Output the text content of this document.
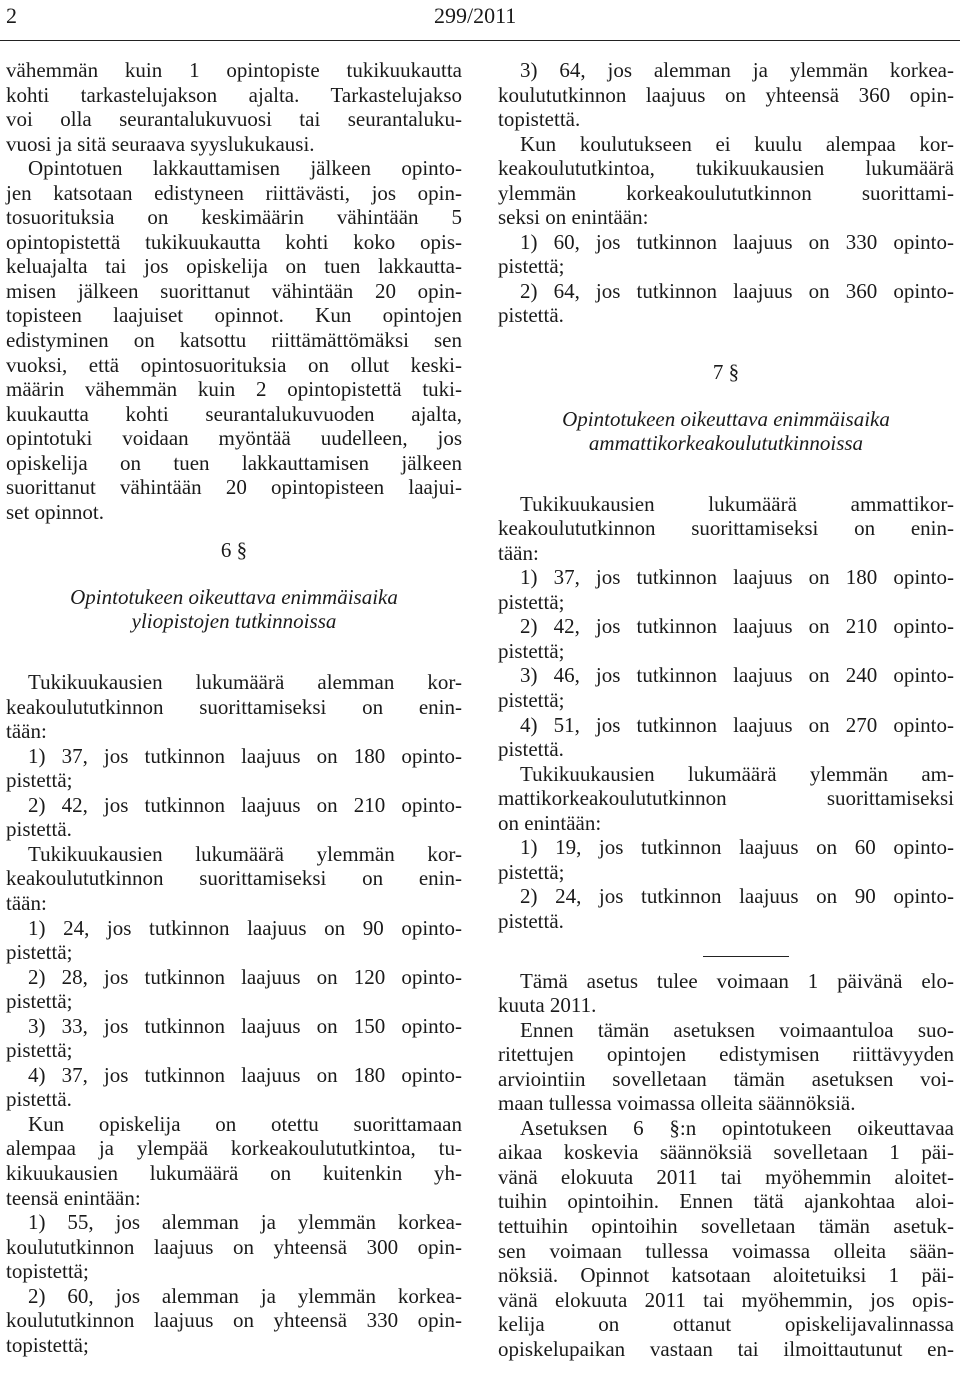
2	299/2011
vähemmän kuin 1 opintopiste tukikuukautta
kohti tarkastelujakson ajalta. Tarkastelujakso
voi olla seurantalukuvuosi tai seurantaluku-
vuosi ja sitä seuraava syyslukukausi.
Opintotuen lakkauttamisen jälkeen opinto-
jen katsotaan edistyneen riittävästi, jos opin-
tosuorituksia on keskimäärin vähintään 5
opintopistettä tukikuukautta kohti koko opis-
keluajalta tai jos opiskelija on tuen lakkautta-
misen jälkeen suorittanut vähintään 20 opin-
topisteen laajuiset opinnot. Kun opintojen
edistyminen on katsottu riittämättömäksi sen
vuoksi, että opintosuorituksia on ollut keski-
määrin vähemmän kuin 2 opintopistettä tuki-
kuukautta kohti seurantalukuvuoden ajalta,
opintotuki voidaan myöntää uudelleen, jos
opiskelija on tuen lakkauttamisen jälkeen
suorittanut vähintään 20 opintopisteen laajui-
set opinnot.
6 §
Opintotukeen oikeuttava enimmäisaika
yliopistojen tutkinnoissa
Tukikuukausien lukumäärä alemman kor-
keakoulututkinnon suorittamiseksi on enin-
tään:
1) 37, jos tutkinnon laajuus on 180 opinto-
pistettä;
2) 42, jos tutkinnon laajuus on 210 opinto-
pistettä.
Tukikuukausien lukumäärä ylemmän kor-
keakoulututkinnon suorittamiseksi on enin-
tään:
1) 24, jos tutkinnon laajuus on 90 opinto-
pistettä;
2) 28, jos tutkinnon laajuus on 120 opinto-
pistettä;
3) 33, jos tutkinnon laajuus on 150 opinto-
pistettä;
4) 37, jos tutkinnon laajuus on 180 opinto-
pistettä.
Kun opiskelija on otettu suorittamaan
alempaa ja ylempää korkeakoulututkintoa, tu-
kikuukausien lukumäärä on kuitenkin yh-
teensä enintään:
1) 55, jos alemman ja ylemmän korkea-
koulututkinnon laajuus on yhteensä 300 opin-
topistettä;
2) 60, jos alemman ja ylemmän korkea-
koulututkinnon laajuus on yhteensä 330 opin-
topistettä;
3) 64, jos alemman ja ylemmän korkea-
koulututkinnon laajuus on yhteensä 360 opin-
topistettä.
Kun koulutukseen ei kuulu alempaa kor-
keakoulututkintoa, tukikuukausien lukumäärä
ylemmän korkeakoulututkinnon suorittami-
seksi on enintään:
1) 60, jos tutkinnon laajuus on 330 opinto-
pistettä;
2) 64, jos tutkinnon laajuus on 360 opinto-
pistettä.
7 §
Opintotukeen oikeuttava enimmäisaika
ammattikorkeakoulututkinnoissa
Tukikuukausien lukumäärä ammattikor-
keakoulututkinnon suorittamiseksi on enin-
tään:
1) 37, jos tutkinnon laajuus on 180 opinto-
pistettä;
2) 42, jos tutkinnon laajuus on 210 opinto-
pistettä;
3) 46, jos tutkinnon laajuus on 240 opinto-
pistettä;
4) 51, jos tutkinnon laajuus on 270 opinto-
pistettä.
Tukikuukausien lukumäärä ylemmän am-
mattikorkeakoulututkinnon suorittamiseksi
on enintään:
1) 19, jos tutkinnon laajuus on 60 opinto-
pistettä;
2) 24, jos tutkinnon laajuus on 90 opinto-
pistettä.
Tämä asetus tulee voimaan 1 päivänä elo-
kuuta 2011.
Ennen tämän asetuksen voimaantuloa suo-
ritettujen opintojen edistymisen riittävyyden
arviointiin sovelletaan tämän asetuksen voi-
maan tullessa voimassa olleita säännöksiä.
Asetuksen 6 §:n opintotukeen oikeuttavaa
aikaa koskevia säännöksiä sovelletaan 1 päi-
vänä elokuuta 2011 tai myöhemmin aloitet-
tuihin opintoihin. Ennen tätä ajankohtaa aloi-
tettuihin opintoihin sovelletaan tämän asetuk-
sen voimaan tullessa voimassa olleita sään-
nöksiä. Opinnot katsotaan aloitetuiksi 1 päi-
vänä elokuuta 2011 tai myöhemmin, jos opis-
kelija on ottanut opiskelijavalinnassa
opiskelupaikan vastaan tai ilmoittautunut en-
